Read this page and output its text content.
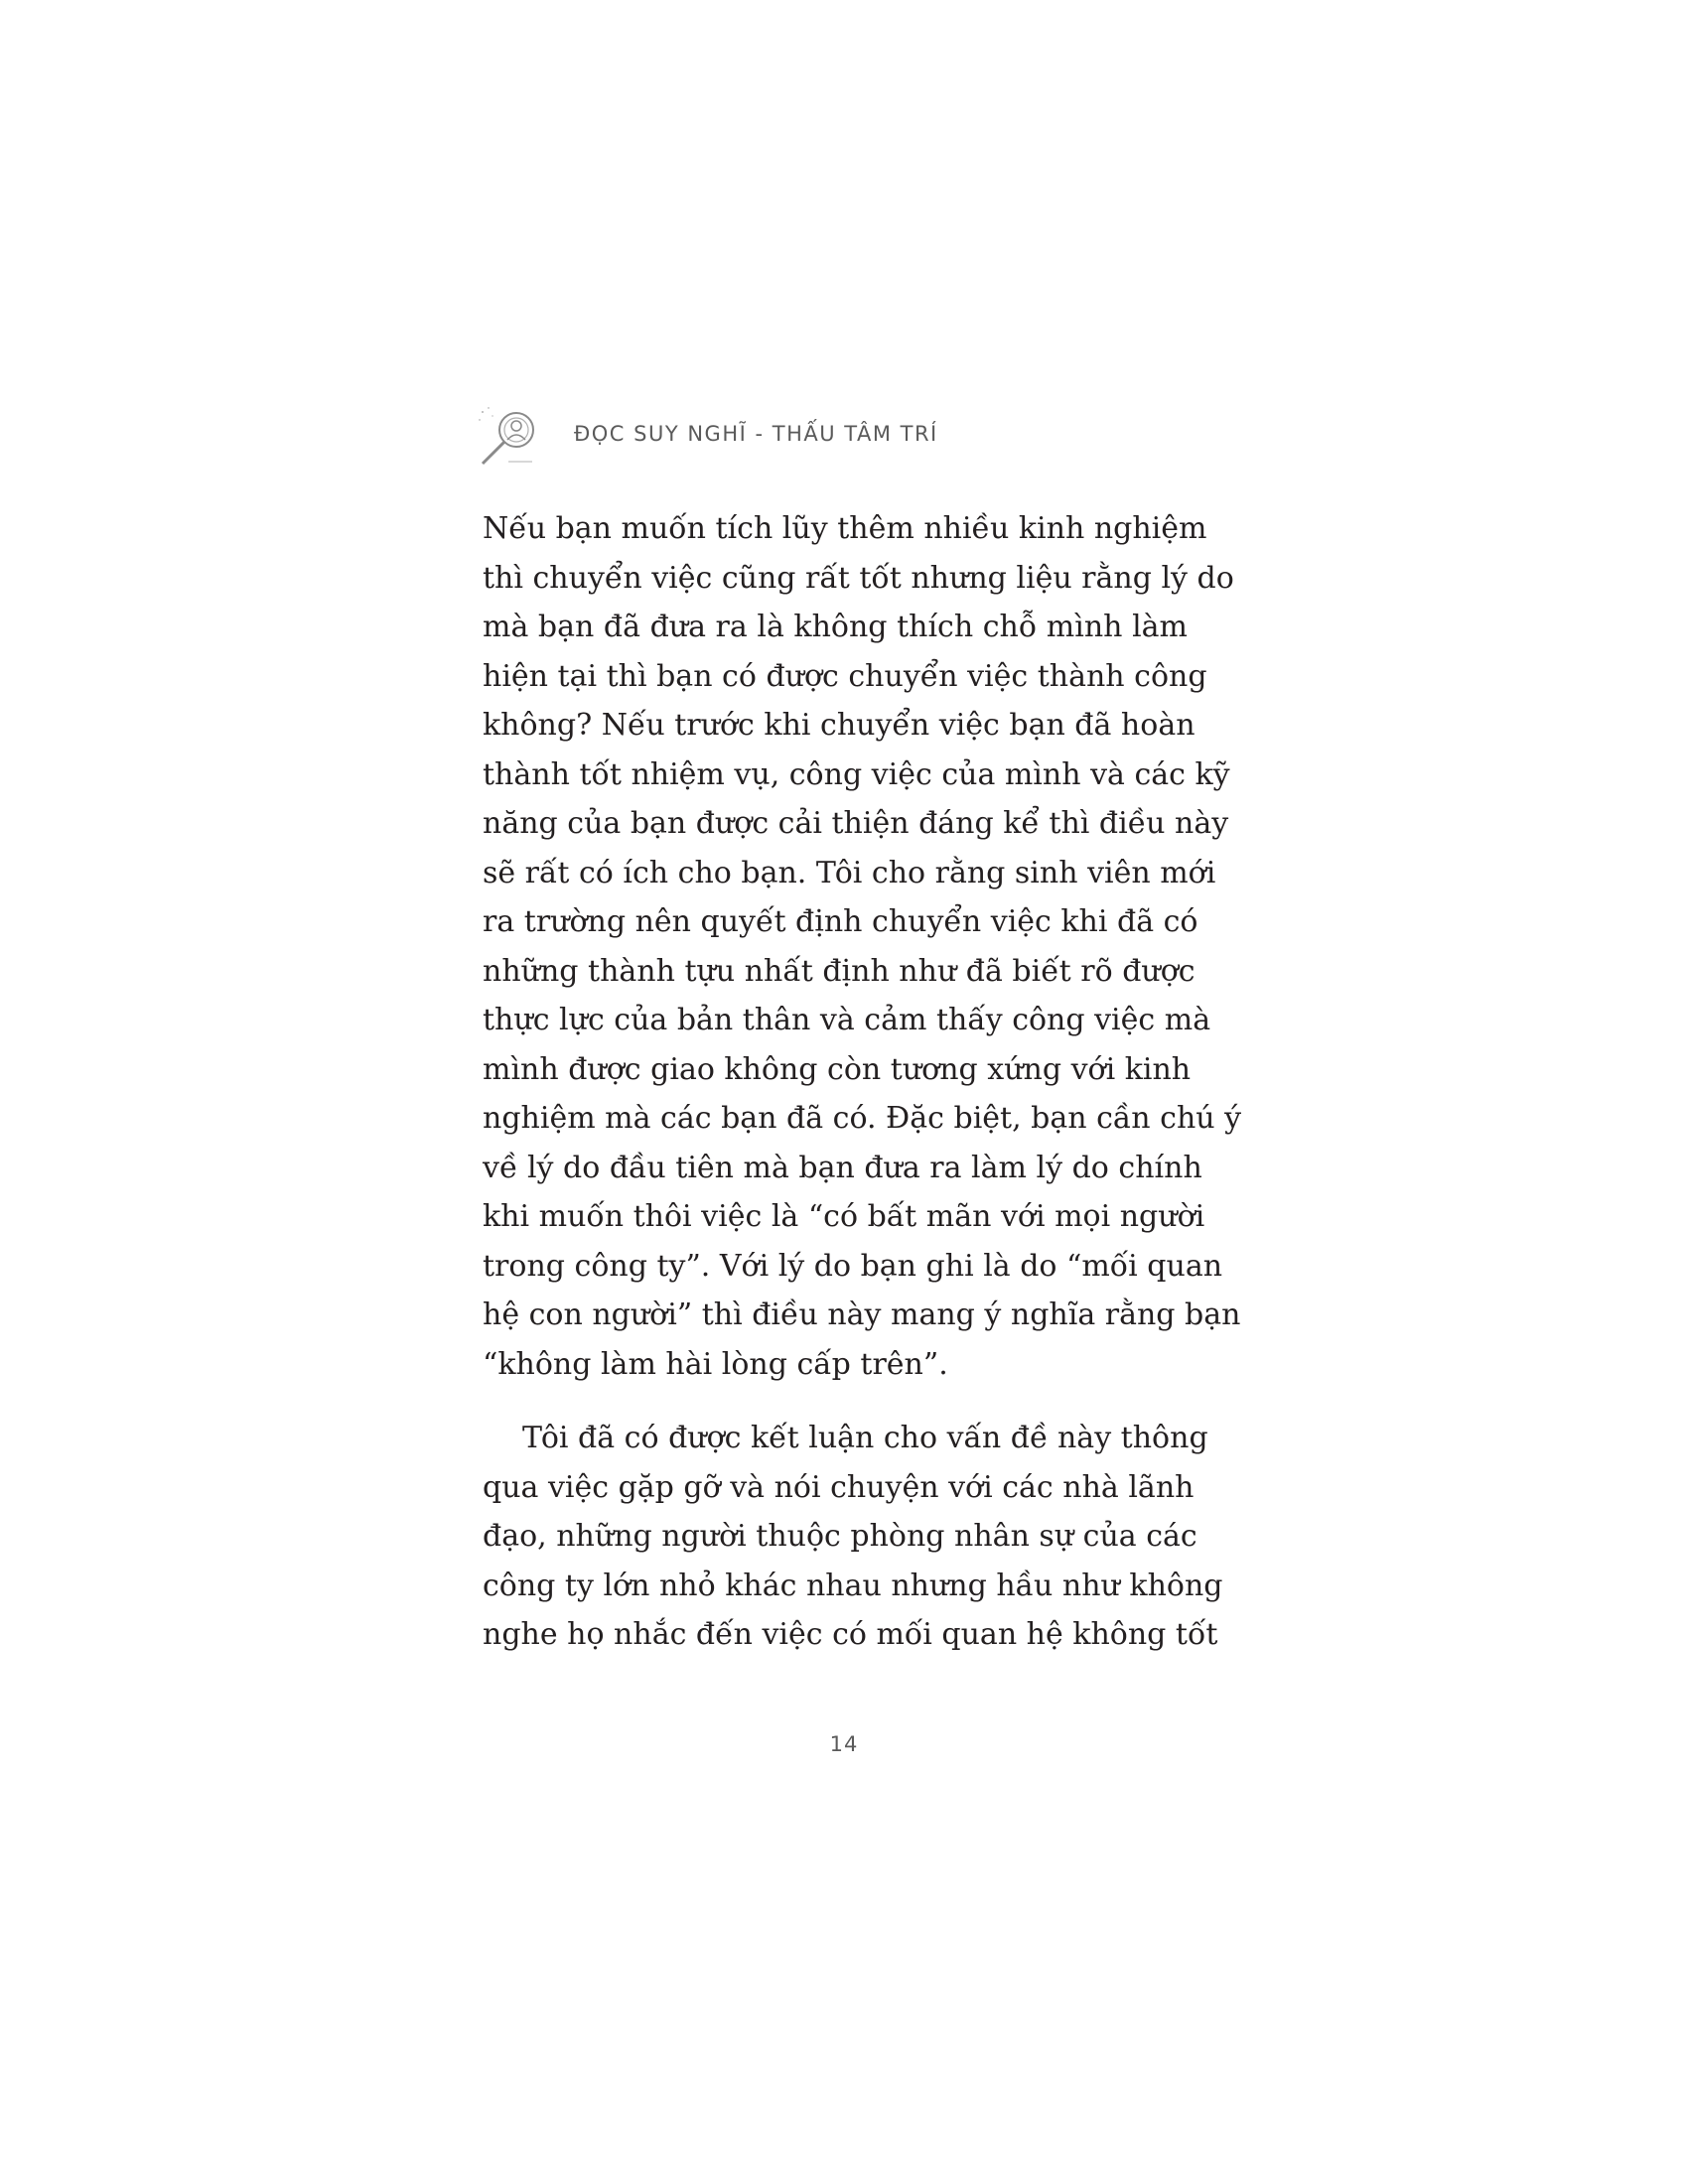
ĐỌC SUY NGHĨ - THẤU TÂM TRÍ
Nếu bạn muốn tích lũy thêm nhiều kinh nghiệm
thì chuyển việc cũng rất tốt nhưng liệu rằng lý do
mà bạn đã đưa ra là không thích chỗ mình làm
hiện tại thì bạn có được chuyển việc thành công
không? Nếu trước khi chuyển việc bạn đã hoàn
thành tốt nhiệm vụ, công việc của mình và các kỹ
năng của bạn được cải thiện đáng kể thì điều này
sẽ rất có ích cho bạn. Tôi cho rằng sinh viên mới
ra trường nên quyết định chuyển việc khi đã có
những thành tựu nhất định như đã biết rõ được
thực lực của bản thân và cảm thấy công việc mà
mình được giao không còn tương xứng với kinh
nghiệm mà các bạn đã có. Đặc biệt, bạn cần chú ý
về lý do đầu tiên mà bạn đưa ra làm lý do chính
khi muốn thôi việc là “có bất mãn với mọi người
trong công ty”. Với lý do bạn ghi là do “mối quan
hệ con người” thì điều này mang ý nghĩa rằng bạn
“không làm hài lòng cấp trên”.
Tôi đã có được kết luận cho vấn đề này thông
qua việc gặp gỡ và nói chuyện với các nhà lãnh
đạo, những người thuộc phòng nhân sự của các
công ty lớn nhỏ khác nhau nhưng hầu như không
nghe họ nhắc đến việc có mối quan hệ không tốt
14
